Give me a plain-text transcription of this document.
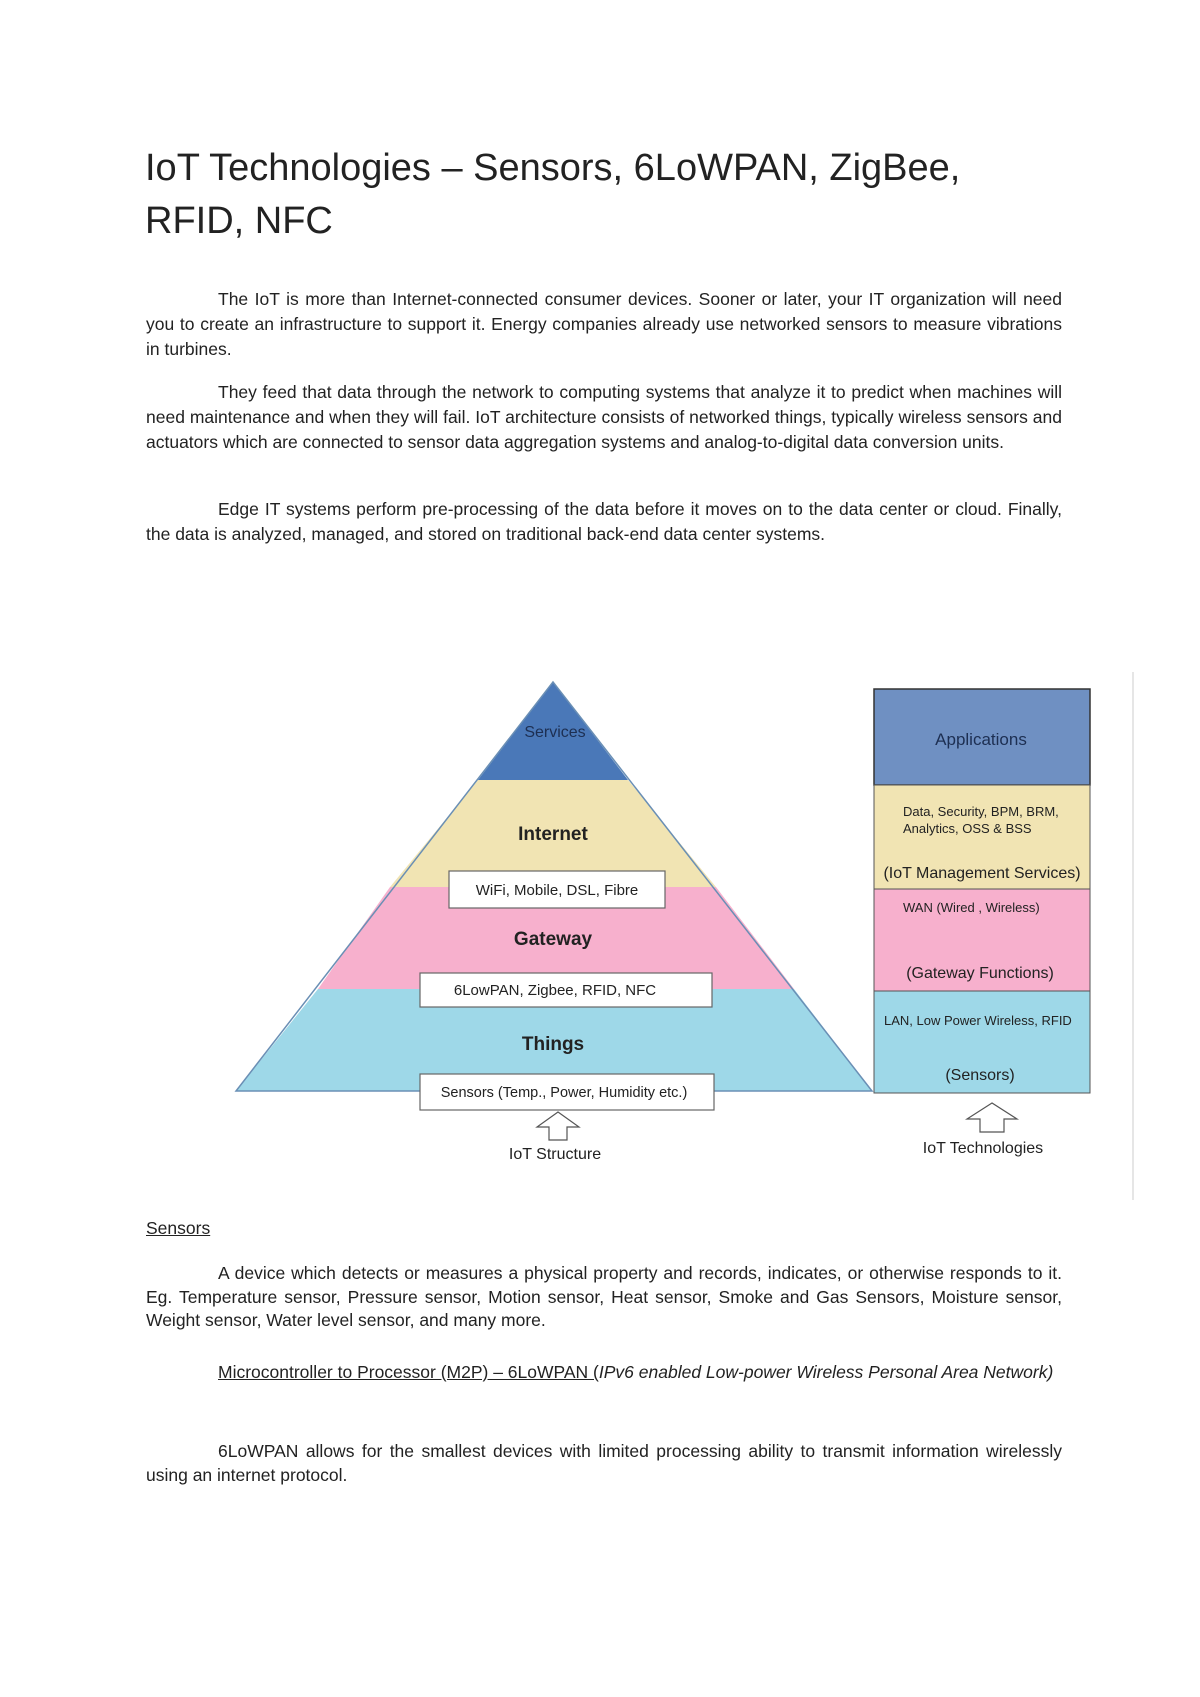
IoT Technologies – Sensors, 6LoWPAN, ZigBee, RFID, NFC

The IoT is more than Internet-connected consumer devices. Sooner or later, your IT organization will need you to create an infrastructure to support it. Energy companies already use networked sensors to measure vibrations in turbines.

They feed that data through the network to computing systems that analyze it to predict when machines will need maintenance and when they will fail. IoT architecture consists of networked things, typically wireless sensors and actuators which are connected to sensor data aggregation systems and analog-to-digital data conversion units.

Edge IT systems perform pre-processing of the data before it moves on to the data center or cloud. Finally, the data is analyzed, managed, and stored on traditional back-end data center systems.

Services
Internet
WiFi, Mobile, DSL, Fibre
Gateway
6LowPAN, Zigbee, RFID, NFC
Things
Sensors (Temp., Power, Humidity etc.)
IoT Structure
Applications
Data, Security, BPM, BRM,
Analytics, OSS & BSS
(IoT Management Services)
WAN (Wired , Wireless)
(Gateway Functions)
LAN, Low Power Wireless, RFID
(Sensors)
IoT Technologies

Sensors

A device which detects or measures a physical property and records, indicates, or otherwise responds to it. Eg. Temperature sensor, Pressure sensor, Motion sensor, Heat sensor, Smoke and Gas Sensors, Moisture sensor, Weight sensor, Water level sensor, and many more.

Microcontroller to Processor (M2P) – 6LoWPAN (IPv6 enabled Low-power Wireless Personal Area Network)

6LoWPAN allows for the smallest devices with limited processing ability to transmit information wirelessly using an internet protocol.
